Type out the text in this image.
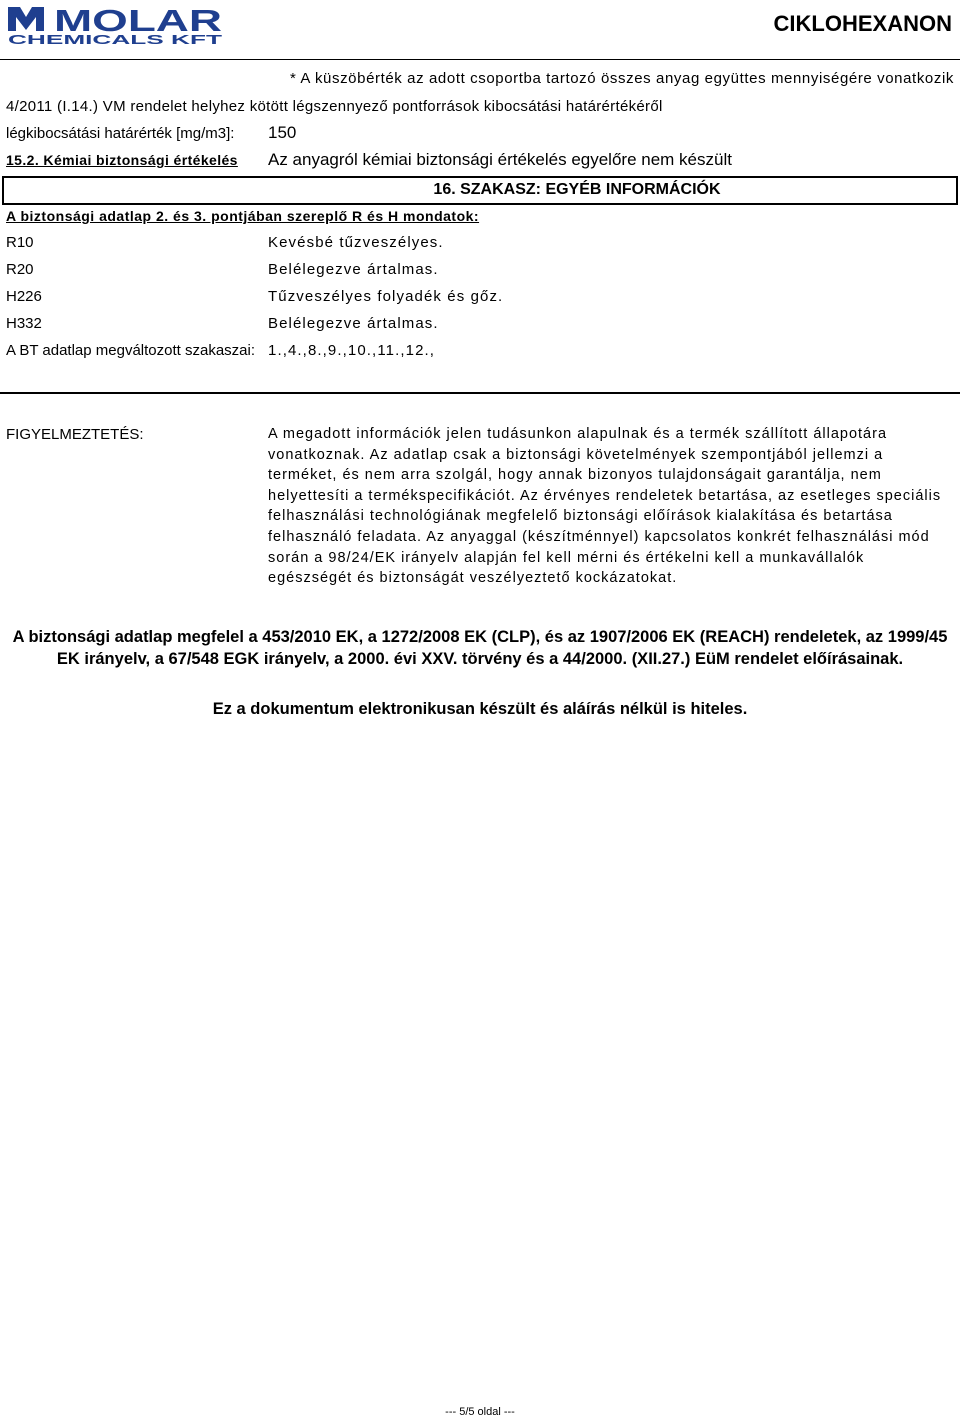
MOLAR
CHEMICALS KFT
CIKLOHEXANON
* A küszöbérték az adott csoportba tartozó összes anyag együttes mennyiségére vonatkozik
4/2011 (I.14.) VM rendelet helyhez kötött légszennyező pontforrások kibocsátási határértékéről
légkibocsátási határérték [mg/m3]: 150
15.2. Kémiai biztonsági értékelés Az anyagról kémiai biztonsági értékelés egyelőre nem készült
16. SZAKASZ: EGYÉB INFORMÁCIÓK
A biztonsági adatlap 2. és 3. pontjában szereplő R és H mondatok:
R10	Kevésbé tűzveszélyes.
R20	Belélegezve ártalmas.
H226	Tűzveszélyes folyadék és gőz.
H332	Belélegezve ártalmas.
A BT adatlap megváltozott szakaszai: 1.,4.,8.,9.,10.,11.,12.,
FIGYELMEZTETÉS:	A megadott információk jelen tudásunkon alapulnak és a termék szállított állapotára vonatkoznak. Az adatlap csak a biztonsági követelmények szempontjából jellemzi a terméket, és nem arra szolgál, hogy annak bizonyos tulajdonságait garantálja, nem helyettesíti a termékspecifikációt. Az érvényes rendeletek betartása, az esetleges speciális felhasználási technológiának megfelelő biztonsági előírások kialakítása és betartása felhasználó feladata. Az anyaggal (készítménnyel) kapcsolatos konkrét felhasználási mód során a 98/24/EK irányelv alapján fel kell mérni és értékelni kell a munkavállalók egészségét és biztonságát veszélyeztető kockázatokat.
A biztonsági adatlap megfelel a 453/2010 EK, a 1272/2008 EK (CLP), és az 1907/2006 EK (REACH) rendeletek, az 1999/45 EK irányelv, a 67/548 EGK irányelv, a 2000. évi XXV. törvény és a 44/2000. (XII.27.) EüM rendelet előírásainak.
Ez a dokumentum elektronikusan készült és aláírás nélkül is hiteles.
--- 5/5 oldal ---
